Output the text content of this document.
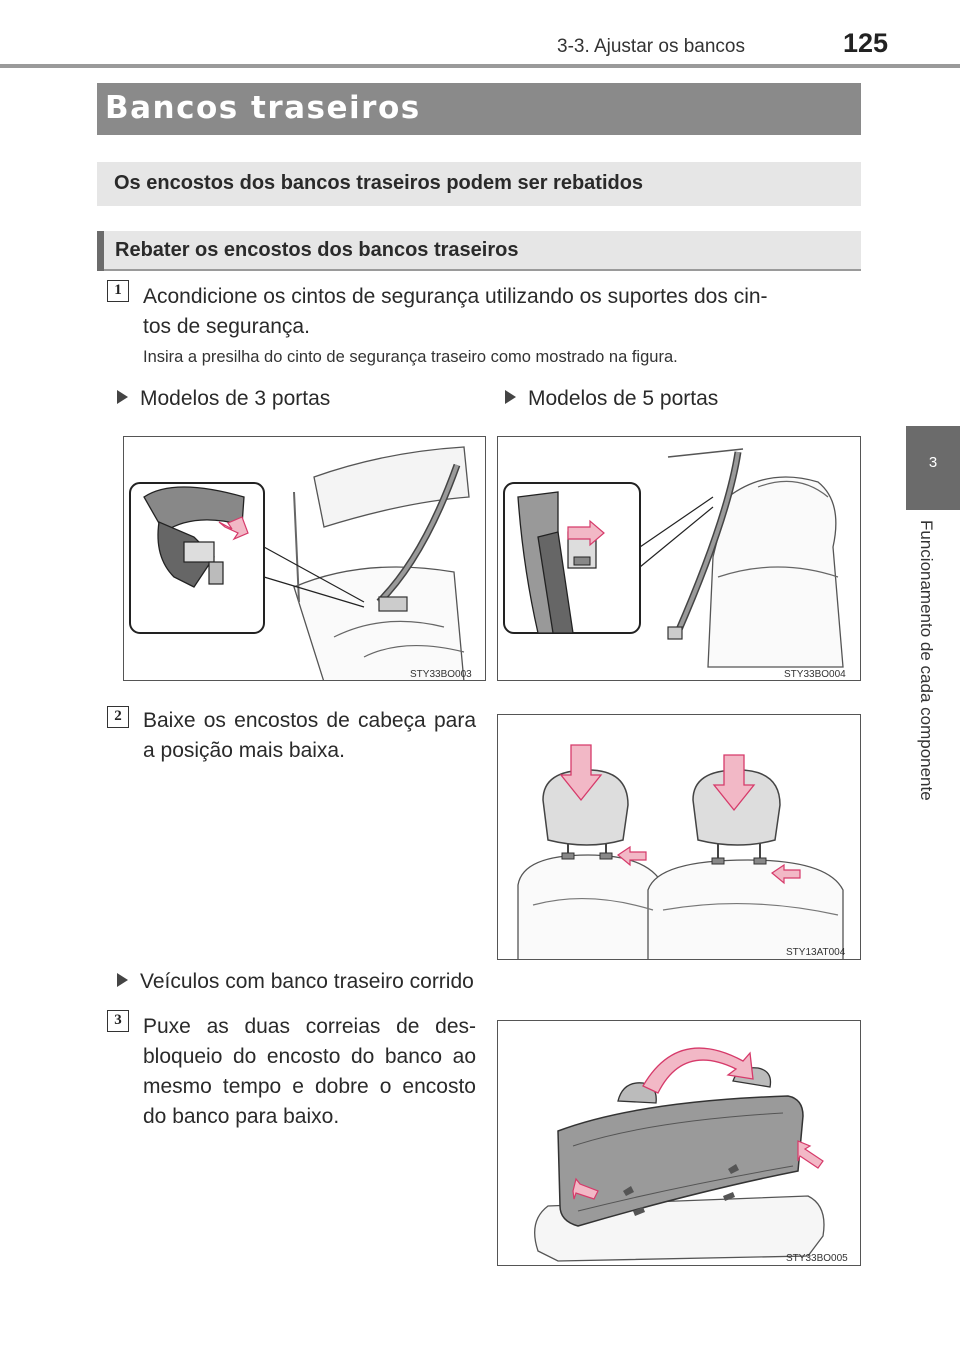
3-3. Ajustar os bancos	125
3
Funcionamento de cada componente
Bancos traseiros
Os encostos dos bancos traseiros podem ser rebatidos
Rebater os encostos dos bancos traseiros
1	Acondicione os cintos de segurança utilizando os suportes dos cin-
tos de segurança.
Insira a presilha do cinto de segurança traseiro como mostrado na figura.
Modelos de 3 portas	Modelos de 5 portas
STY33BO003	STY33BO004
2	Baixe os encostos de cabeça para a posição mais baixa.
STY13AT004
Veículos com banco traseiro corrido
3	Puxe as duas correias de des-bloqueio do encosto do banco ao mesmo tempo e dobre o encosto do banco para baixo.
STY33BO005
